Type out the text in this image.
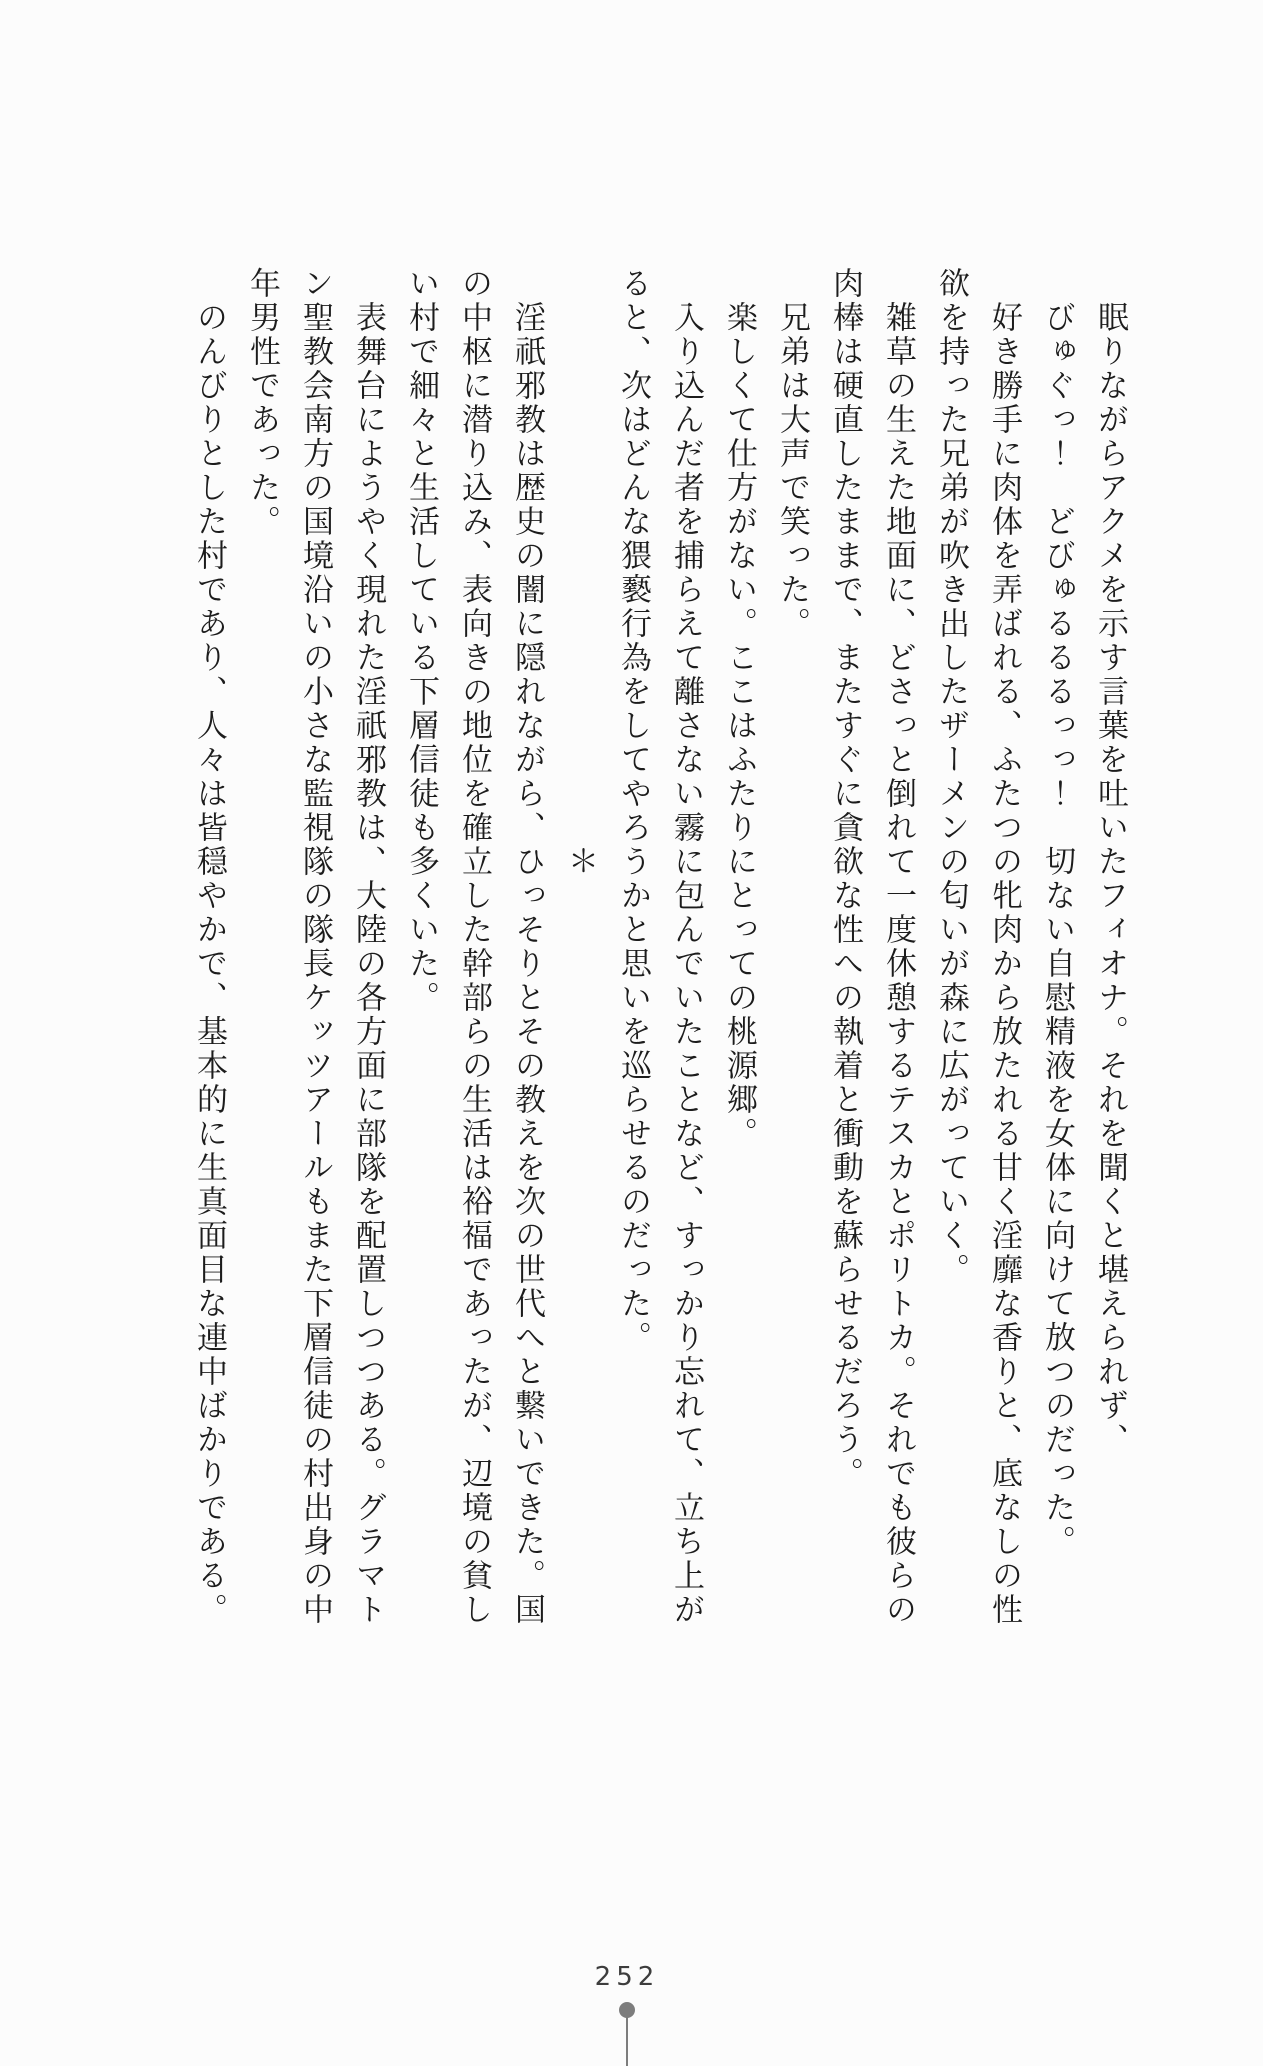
眠りながらアクメを示す言葉を吐いたフィオナ。それを聞くと堪えられず、

びゅぐっ！　どびゅるるるっっ！　切ない自慰精液を女体に向けて放つのだった。

好き勝手に肉体を弄ばれる、ふたつの牝肉から放たれる甘く淫靡な香りと、底なしの性欲を持った兄弟が吹き出したザーメンの匂いが森に広がっていく。

雑草の生えた地面に、どさっと倒れて一度休憩するテスカとポリトカ。それでも彼らの肉棒は硬直したままで、またすぐに貪欲な性への執着と衝動を蘇らせるだろう。

兄弟は大声で笑った。

楽しくて仕方がない。ここはふたりにとっての桃源郷。

入り込んだ者を捕らえて離さない霧に包んでいたことなど、すっかり忘れて、立ち上がると、次はどんな猥褻行為をしてやろうかと思いを巡らせるのだった。

＊

淫祇邪教は歴史の闇に隠れながら、ひっそりとその教えを次の世代へと繋いできた。国の中枢に潜り込み、表向きの地位を確立した幹部らの生活は裕福であったが、辺境の貧しい村で細々と生活している下層信徒も多くいた。

表舞台にようやく現れた淫祇邪教は、大陸の各方面に部隊を配置しつつある。グラマトン聖教会南方の国境沿いの小さな監視隊の隊長ケッツアールもまた下層信徒の村出身の中年男性であった。

のんびりとした村であり、人々は皆穏やかで、基本的に生真面目な連中ばかりである。

252
